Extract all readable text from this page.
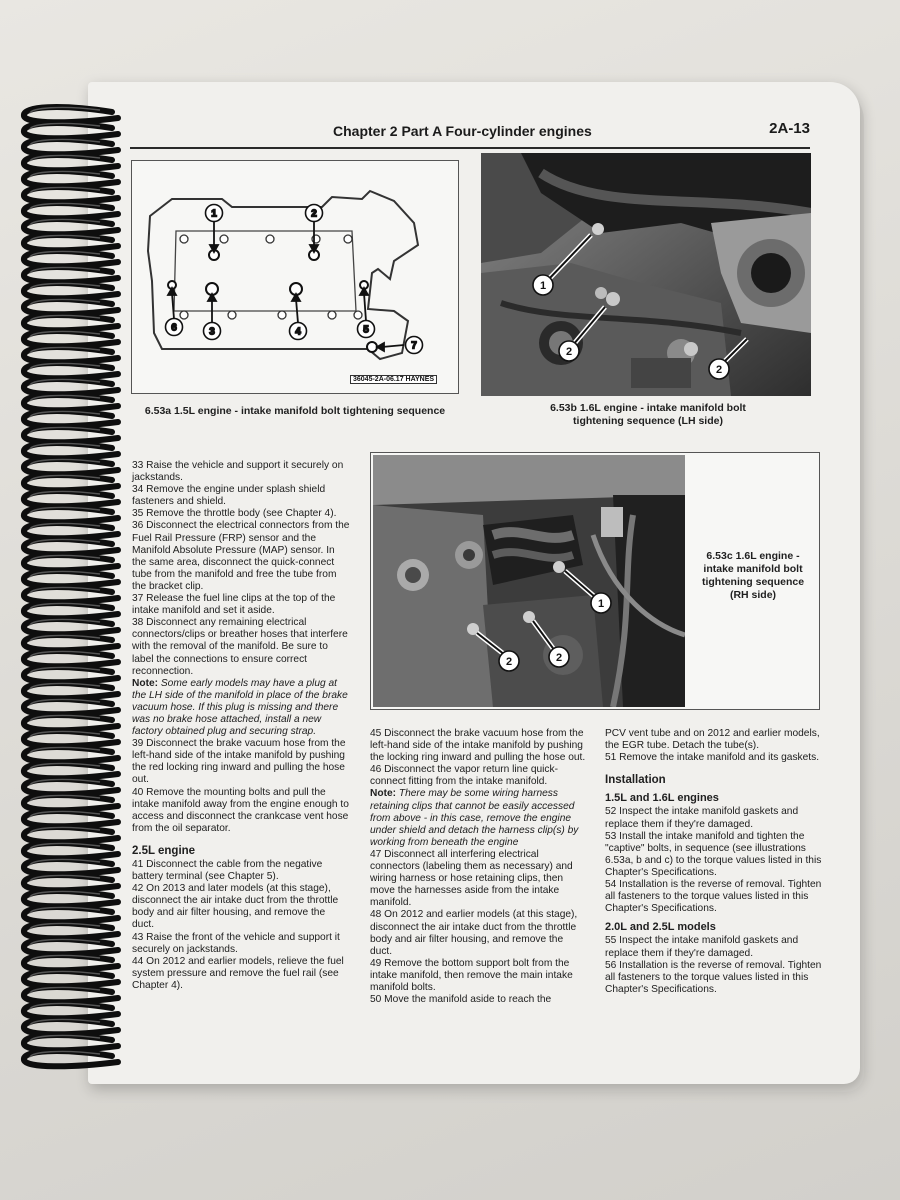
Chapter 2 Part A Four-cylinder engines	2A-13
1	2
3	4	5
6
7
36045-2A-06.17 HAYNES
6.53a 1.5L engine - intake manifold bolt tightening sequence
1
2
2
6.53b 1.6L engine - intake manifold bolt tightening sequence (LH side)
1
2	2
6.53c 1.6L engine - intake manifold bolt tightening sequence (RH side)

33 Raise the vehicle and support it securely on jackstands.

34 Remove the engine under splash shield fasteners and shield.

35 Remove the throttle body (see Chapter 4).

36 Disconnect the electrical connectors from the Fuel Rail Pressure (FRP) sensor and the Manifold Absolute Pressure (MAP) sensor. In the same area, disconnect the quick-connect tube from the manifold and free the tube from the bracket clip.

37 Release the fuel line clips at the top of the intake manifold and set it aside.

38 Disconnect any remaining electrical connectors/clips or breather hoses that interfere with the removal of the manifold. Be sure to label the connections to ensure correct reconnection.

Note: Some early models may have a plug at the LH side of the manifold in place of the brake vacuum hose. If this plug is missing and there was no brake hose attached, install a new factory obtained plug and securing strap.

39 Disconnect the brake vacuum hose from the left-hand side of the intake manifold by pushing the red locking ring inward and pulling the hose out.

40 Remove the mounting bolts and pull the intake manifold away from the engine enough to access and disconnect the crankcase vent hose from the oil separator.

2.5L engine

41 Disconnect the cable from the negative battery terminal (see Chapter 5).

42 On 2013 and later models (at this stage), disconnect the air intake duct from the throttle body and air filter housing, and remove the duct.

43 Raise the front of the vehicle and support it securely on jackstands.

44 On 2012 and earlier models, relieve the fuel system pressure and remove the fuel rail (see Chapter 4).

45 Disconnect the brake vacuum hose from the left-hand side of the intake manifold by pushing the locking ring inward and pulling the hose out.

46 Disconnect the vapor return line quick-connect fitting from the intake manifold.

Note: There may be some wiring harness retaining clips that cannot be easily accessed from above - in this case, remove the engine under shield and detach the harness clip(s) by working from beneath the engine

47 Disconnect all interfering electrical connectors (labeling them as necessary) and wiring harness or hose retaining clips, then move the harnesses aside from the intake manifold.

48 On 2012 and earlier models (at this stage), disconnect the air intake duct from the throttle body and air filter housing, and remove the duct.

49 Remove the bottom support bolt from the intake manifold, then remove the main intake manifold bolts.

50 Move the manifold aside to reach the

PCV vent tube and on 2012 and earlier models, the EGR tube. Detach the tube(s).

51 Remove the intake manifold and its gaskets.

Installation
1.5L and 1.6L engines

52 Inspect the intake manifold gaskets and replace them if they're damaged.

53 Install the intake manifold and tighten the "captive" bolts, in sequence (see illustrations 6.53a, b and c) to the torque values listed in this Chapter's Specifications.

54 Installation is the reverse of removal. Tighten all fasteners to the torque values listed in this Chapter's Specifications.

2.0L and 2.5L models

55 Inspect the intake manifold gaskets and replace them if they're damaged.

56 Installation is the reverse of removal. Tighten all fasteners to the torque values listed in this Chapter's Specifications.
